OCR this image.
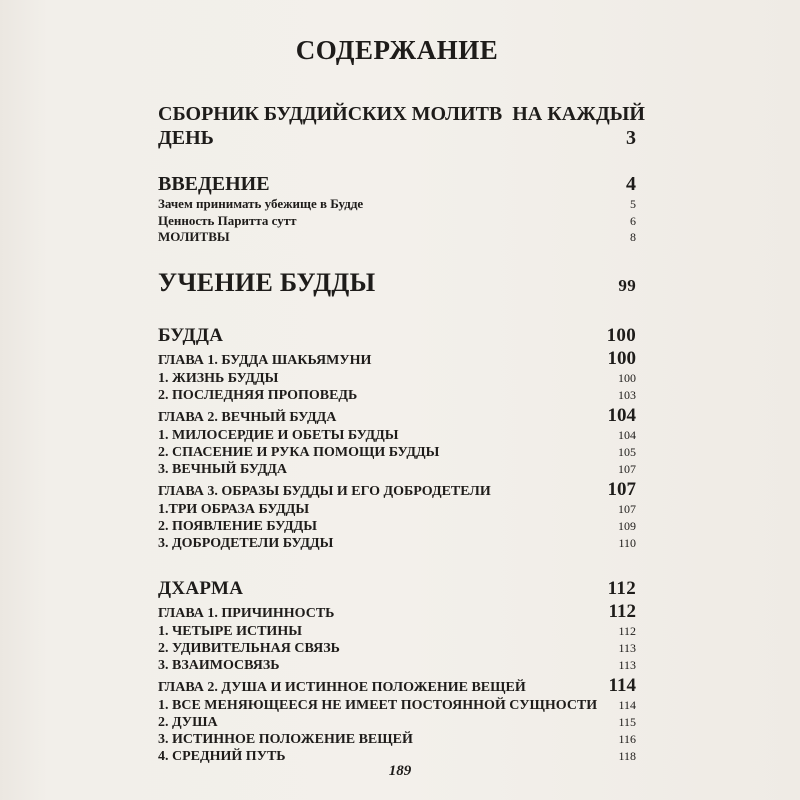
СОДЕРЖАНИЕ
СБОРНИК БУДДИЙСКИХ МОЛИТВ  НА КАЖДЫЙ
ДЕНЬ	3
ВВЕДЕНИЕ	4
Зачем принимать убежище в Будде	5
Ценность Паритта сутт	6
МОЛИТВЫ	8
УЧЕНИЕ БУДДЫ	99
БУДДА	100
ГЛАВА 1. БУДДА ШАКЬЯМУНИ	100
1. ЖИЗНЬ БУДДЫ	100
2. ПОСЛЕДНЯЯ ПРОПОВЕДЬ	103
ГЛАВА 2. ВЕЧНЫЙ БУДДА	104
1. МИЛОСЕРДИЕ И ОБЕТЫ БУДДЫ	104
2. СПАСЕНИЕ И РУКА ПОМОЩИ БУДДЫ	105
3. ВЕЧНЫЙ БУДДА	107
ГЛАВА 3. ОБРАЗЫ БУДДЫ И ЕГО ДОБРОДЕТЕЛИ	107
1.ТРИ ОБРАЗА БУДДЫ	107
2. ПОЯВЛЕНИЕ БУДДЫ	109
3. ДОБРОДЕТЕЛИ БУДДЫ	110
ДХАРМА	112
ГЛАВА 1. ПРИЧИННОСТЬ	112
1. ЧЕТЫРЕ ИСТИНЫ	112
2. УДИВИТЕЛЬНАЯ СВЯЗЬ	113
3. ВЗАИМОСВЯЗЬ	113
ГЛАВА 2. ДУША И ИСТИННОЕ ПОЛОЖЕНИЕ ВЕЩЕЙ	114
1. ВСЕ МЕНЯЮЩЕЕСЯ НЕ ИМЕЕТ ПОСТОЯННОЙ СУЩНОСТИ 114
2. ДУША	115
3. ИСТИННОЕ ПОЛОЖЕНИЕ ВЕЩЕЙ	116
4. СРЕДНИЙ ПУТЬ	118
189
